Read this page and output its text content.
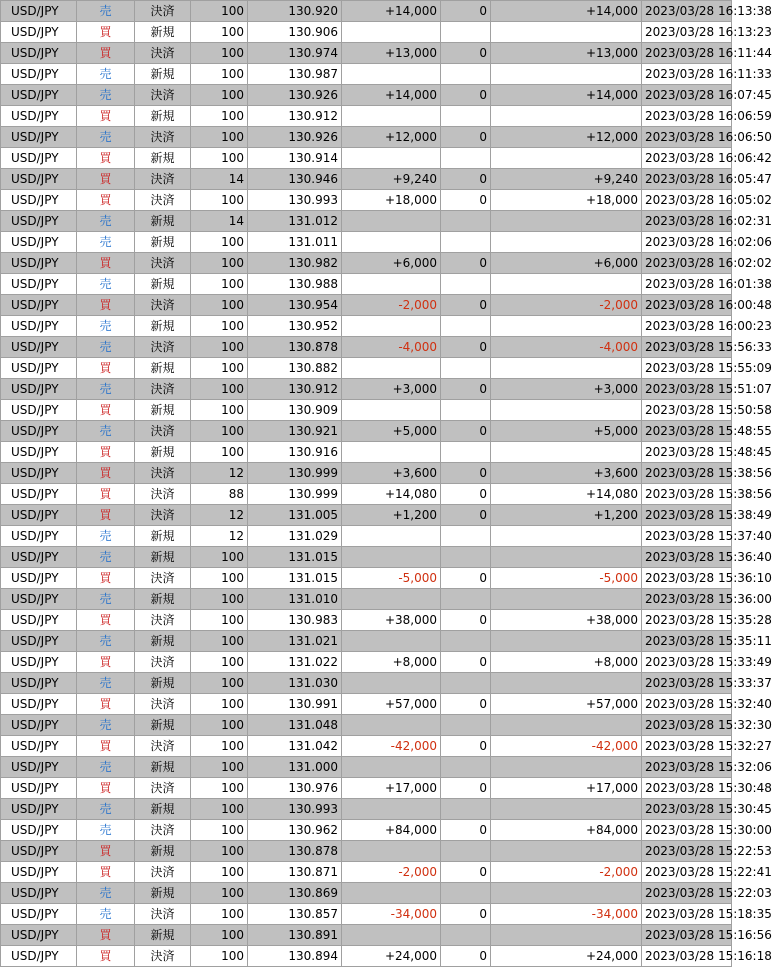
USD/JPY	売	決済	100	130.920	+14,000	0	+14,000	2023/03/28 16:13:38
USD/JPY	買	新規	100	130.906				2023/03/28 16:13:23
USD/JPY	買	決済	100	130.974	+13,000	0	+13,000	2023/03/28 16:11:44
USD/JPY	売	新規	100	130.987				2023/03/28 16:11:33
USD/JPY	売	決済	100	130.926	+14,000	0	+14,000	2023/03/28 16:07:45
USD/JPY	買	新規	100	130.912				2023/03/28 16:06:59
USD/JPY	売	決済	100	130.926	+12,000	0	+12,000	2023/03/28 16:06:50
USD/JPY	買	新規	100	130.914				2023/03/28 16:06:42
USD/JPY	買	決済	14	130.946	+9,240	0	+9,240	2023/03/28 16:05:47
USD/JPY	買	決済	100	130.993	+18,000	0	+18,000	2023/03/28 16:05:02
USD/JPY	売	新規	14	131.012				2023/03/28 16:02:31
USD/JPY	売	新規	100	131.011				2023/03/28 16:02:06
USD/JPY	買	決済	100	130.982	+6,000	0	+6,000	2023/03/28 16:02:02
USD/JPY	売	新規	100	130.988				2023/03/28 16:01:38
USD/JPY	買	決済	100	130.954	-2,000	0	-2,000	2023/03/28 16:00:48
USD/JPY	売	新規	100	130.952				2023/03/28 16:00:23
USD/JPY	売	決済	100	130.878	-4,000	0	-4,000	2023/03/28 15:56:33
USD/JPY	買	新規	100	130.882				2023/03/28 15:55:09
USD/JPY	売	決済	100	130.912	+3,000	0	+3,000	2023/03/28 15:51:07
USD/JPY	買	新規	100	130.909				2023/03/28 15:50:58
USD/JPY	売	決済	100	130.921	+5,000	0	+5,000	2023/03/28 15:48:55
USD/JPY	買	新規	100	130.916				2023/03/28 15:48:45
USD/JPY	買	決済	12	130.999	+3,600	0	+3,600	2023/03/28 15:38:56
USD/JPY	買	決済	88	130.999	+14,080	0	+14,080	2023/03/28 15:38:56
USD/JPY	買	決済	12	131.005	+1,200	0	+1,200	2023/03/28 15:38:49
USD/JPY	売	新規	12	131.029				2023/03/28 15:37:40
USD/JPY	売	新規	100	131.015				2023/03/28 15:36:40
USD/JPY	買	決済	100	131.015	-5,000	0	-5,000	2023/03/28 15:36:10
USD/JPY	売	新規	100	131.010				2023/03/28 15:36:00
USD/JPY	買	決済	100	130.983	+38,000	0	+38,000	2023/03/28 15:35:28
USD/JPY	売	新規	100	131.021				2023/03/28 15:35:11
USD/JPY	買	決済	100	131.022	+8,000	0	+8,000	2023/03/28 15:33:49
USD/JPY	売	新規	100	131.030				2023/03/28 15:33:37
USD/JPY	買	決済	100	130.991	+57,000	0	+57,000	2023/03/28 15:32:40
USD/JPY	売	新規	100	131.048				2023/03/28 15:32:30
USD/JPY	買	決済	100	131.042	-42,000	0	-42,000	2023/03/28 15:32:27
USD/JPY	売	新規	100	131.000				2023/03/28 15:32:06
USD/JPY	買	決済	100	130.976	+17,000	0	+17,000	2023/03/28 15:30:48
USD/JPY	売	新規	100	130.993				2023/03/28 15:30:45
USD/JPY	売	決済	100	130.962	+84,000	0	+84,000	2023/03/28 15:30:00
USD/JPY	買	新規	100	130.878				2023/03/28 15:22:53
USD/JPY	買	決済	100	130.871	-2,000	0	-2,000	2023/03/28 15:22:41
USD/JPY	売	新規	100	130.869				2023/03/28 15:22:03
USD/JPY	売	決済	100	130.857	-34,000	0	-34,000	2023/03/28 15:18:35
USD/JPY	買	新規	100	130.891				2023/03/28 15:16:56
USD/JPY	買	決済	100	130.894	+24,000	0	+24,000	2023/03/28 15:16:18
